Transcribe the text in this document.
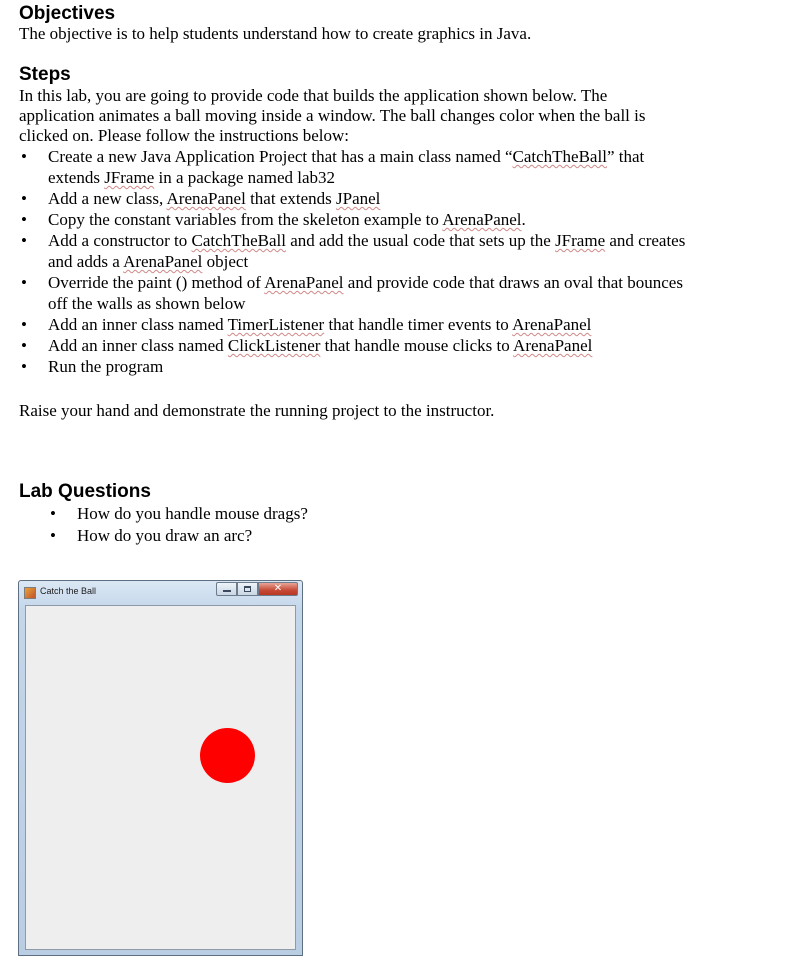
Objectives

The objective is to help students understand how to create graphics in Java.

Steps
In this lab, you are going to provide code that builds the application shown below. The
application animates a ball moving inside a window. The ball changes color when the ball is
clicked on. Please follow the instructions below:
• Create a new Java Application Project that has a main class named “CatchTheBall” that
extends JFrame in a package named lab32
• Add a new class, ArenaPanel that extends JPanel
• Copy the constant variables from the skeleton example to ArenaPanel.
• Add a constructor to CatchTheBall and add the usual code that sets up the JFrame and creates
and adds a ArenaPanel object
• Override the paint () method of ArenaPanel and provide code that draws an oval that bounces
off the walls as shown below
• Add an inner class named TimerListener that handle timer events to ArenaPanel
• Add an inner class named ClickListener that handle mouse clicks to ArenaPanel
• Run the program

Raise your hand and demonstrate the running project to the instructor.

Lab Questions
• How do you handle mouse drags?
• How do you draw an arc?
Catch the Ball	✕
